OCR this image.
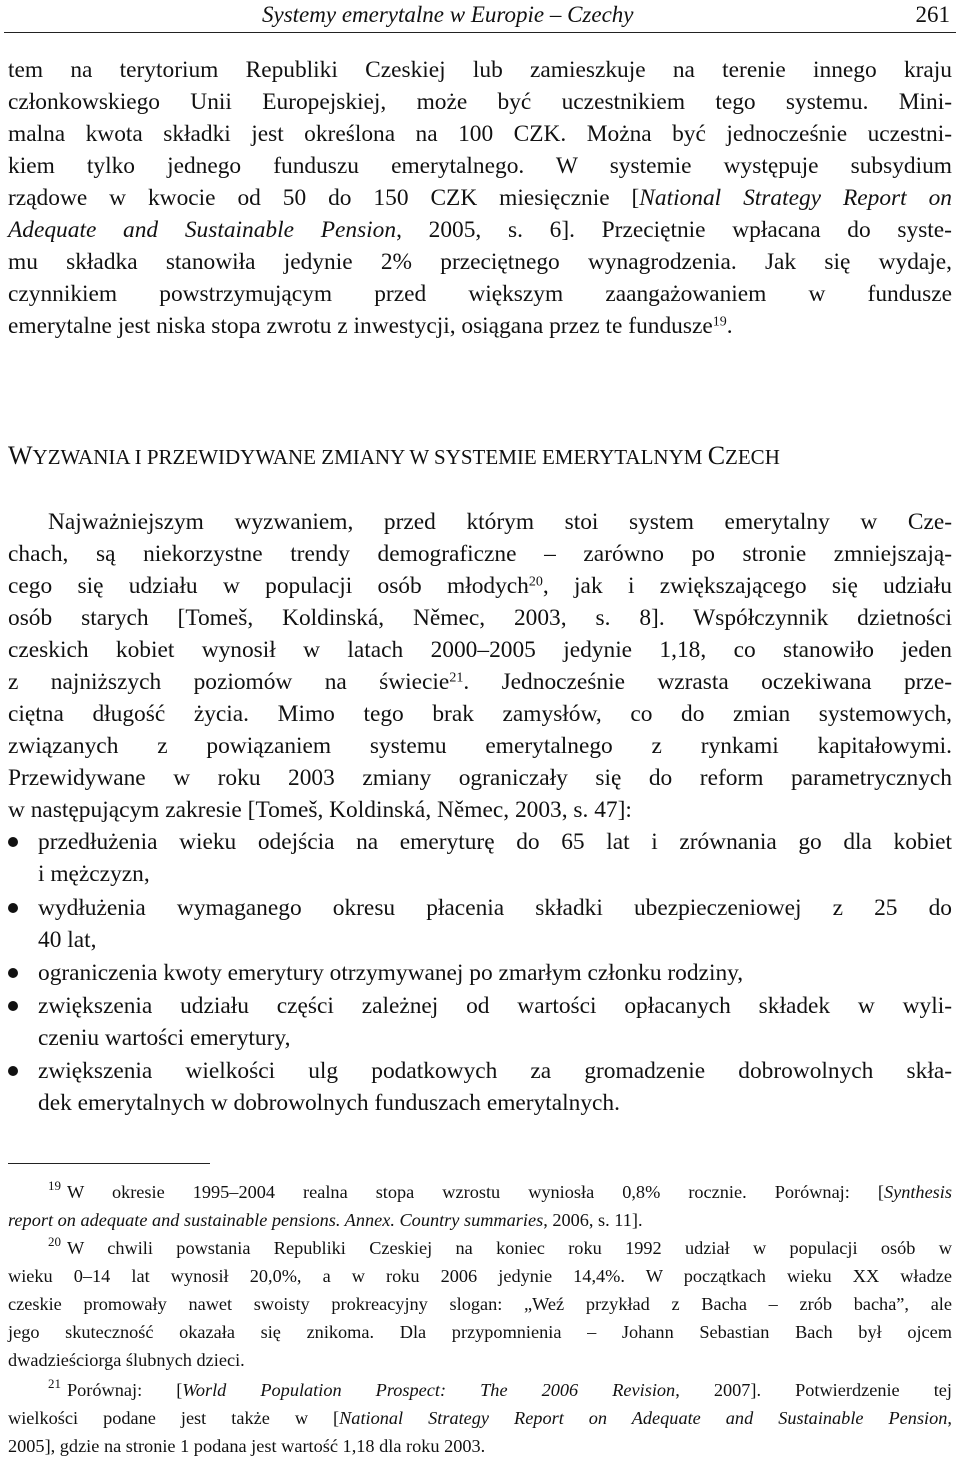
Systemy emerytalne w Europie – Czechy	261
tem na terytorium Republiki Czeskiej lub zamieszkuje na terenie innego kraju
członkowskiego Unii Europejskiej, może być uczestnikiem tego systemu. Mini-
malna kwota składki jest określona na 100 CZK. Można być jednocześnie uczestni-
kiem tylko jednego funduszu emerytalnego. W systemie występuje subsydium
rządowe w kwocie od 50 do 150 CZK miesięcznie [National Strategy Report on
Adequate and Sustainable Pension, 2005, s. 6]. Przeciętnie wpłacana do syste-
mu składka stanowiła jedynie 2% przeciętnego wynagrodzenia. Jak się wydaje,
czynnikiem powstrzymującym przed większym zaangażowaniem w fundusze
emerytalne jest niska stopa zwrotu z inwestycji, osiągana przez te fundusze$^{19}$.
WYZWANIA I PRZEWIDYWANE ZMIANY W SYSTEMIE EMERYTALNYM CZECH
Najważniejszym wyzwaniem, przed którym stoi system emerytalny w Cze-
chach, są niekorzystne trendy demograficzne – zarówno po stronie zmniejszają-
cego się udziału w populacji osób młodych$^{20}$, jak i zwiększającego się udziału
osób starych [Tomeš, Koldinská, Němec, 2003, s. 8]. Współczynnik dzietności
czeskich kobiet wynosił w latach 2000–2005 jedynie 1,18, co stanowiło jeden
z najniższych poziomów na świecie$^{21}$. Jednocześnie wzrasta oczekiwana prze-
ciętna długość życia. Mimo tego brak zamysłów, co do zmian systemowych,
związanych z powiązaniem systemu emerytalnego z rynkami kapitałowymi.
Przewidywane w roku 2003 zmiany ograniczały się do reform parametrycznych
w następującym zakresie [Tomeš, Koldinská, Němec, 2003, s. 47]:
przedłużenia wieku odejścia na emeryturę do 65 lat i zrównania go dla kobiet
i mężczyzn,
wydłużenia wymaganego okresu płacenia składki ubezpieczeniowej z 25 do
40 lat,
ograniczenia kwoty emerytury otrzymywanej po zmarłym członku rodziny,
zwiększenia udziału części zależnej od wartości opłacanych składek w wyli-
czeniu wartości emerytury,
zwiększenia wielkości ulg podatkowych za gromadzenie dobrowolnych skła-
dek emerytalnych w dobrowolnych funduszach emerytalnych.
$^{19}$ W okresie 1995–2004 realna stopa wzrostu wyniosła 0,8% rocznie. Porównaj: [Synthesis
report on adequate and sustainable pensions. Annex. Country summaries, 2006, s. 11].
$^{20}$ W chwili powstania Republiki Czeskiej na koniec roku 1992 udział w populacji osób w
wieku 0–14 lat wynosił 20,0%, a w roku 2006 jedynie 14,4%. W początkach wieku XX władze
czeskie promowały nawet swoisty prokreacyjny slogan: „Weź przykład z Bacha – zrób bacha”, ale
jego skuteczność okazała się znikoma. Dla przypomnienia – Johann Sebastian Bach był ojcem
dwadzieściorga ślubnych dzieci.
$^{21}$ Porównaj: [World Population Prospect: The 2006 Revision, 2007]. Potwierdzenie tej
wielkości podane jest także w [National Strategy Report on Adequate and Sustainable Pension,
2005], gdzie na stronie 1 podana jest wartość 1,18 dla roku 2003.
